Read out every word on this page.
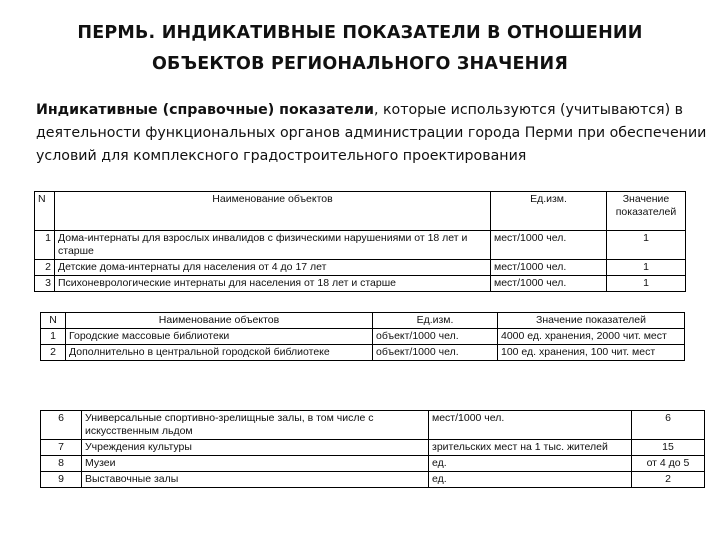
ПЕРМЬ. ИНДИКАТИВНЫЕ ПОКАЗАТЕЛИ В ОТНОШЕНИИ
ОБЪЕКТОВ РЕГИОНАЛЬНОГО ЗНАЧЕНИЯ
Индикативные (справочные) показатели, которые используются (учитываются) в деятельности функциональных органов администрации города Перми при обеспечении условий для комплексного градостроительного проектирования
N	Наименование объектов	Ед.изм.	Значение показателей
1	Дома-интернаты для взрослых инвалидов с физическими нарушениями от 18 лет и старше	мест/1000 чел.	1
2	Детские дома-интернаты для населения от 4 до 17 лет	мест/1000 чел.	1
3	Психоневрологические интернаты для населения от 18 лет и старше	мест/1000 чел.	1
N	Наименование объектов	Ед.изм.	Значение показателей
1	Городские массовые библиотеки	объект/1000 чел.	4000 ед. хранения, 2000 чит. мест
2	Дополнительно в центральной городской библиотеке	объект/1000 чел.	100 ед. хранения, 100 чит. мест
6	Универсальные спортивно-зрелищные залы, в том числе с искусственным льдом	мест/1000 чел.	6
7	Учреждения культуры	зрительских мест на 1 тыс. жителей	15
8	Музеи	ед.	от 4 до 5
9	Выставочные залы	ед.	2
